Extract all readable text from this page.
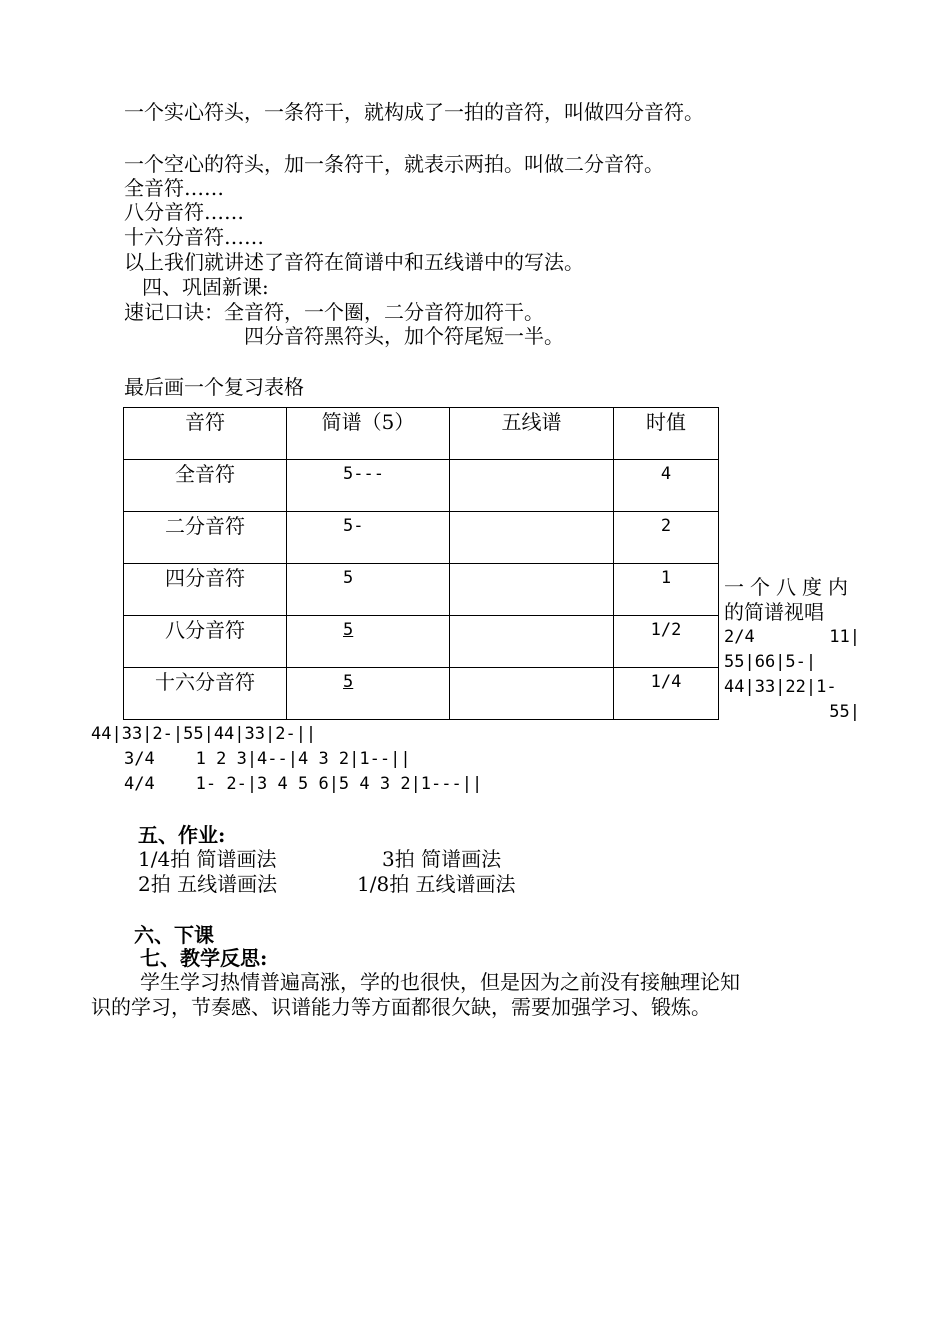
一个实心符头，一条符干，就构成了一拍的音符，叫做四分音符。
一个空心的符头，加一条符干，就表示两拍。叫做二分音符。
全音符……
八分音符……
十六分音符……
以上我们就讲述了音符在简谱中和五线谱中的写法。
四、巩固新课:
速记口诀：全音符，一个圈，二分音符加符干。
四分音符黑符头，加个符尾短一半。
最后画一个复习表格
音符	简谱（5）	五线谱	时值
全音符	5---		4
二分音符	5-		2
四分音符	5		1
八分音符	5		1/2
十六分音符	5		1/4
一个八度内
的简谱视唱
2/4	11|
55|66|5-|
44|33|22|1-
55|
44|33|2-|55|44|33|2-||
3/4    1 2 3|4--|4 3 2|1--||
4/4    1- 2-|3 4 5 6|5 4 3 2|1---||
五、作业:
1/4拍 简谱画法	3拍 简谱画法
2拍 五线谱画法	1/8拍 五线谱画法
六、下课
七、教学反思:
学生学习热情普遍高涨，学的也很快，但是因为之前没有接触理论知
识的学习，节奏感、识谱能力等方面都很欠缺，需要加强学习、锻炼。
